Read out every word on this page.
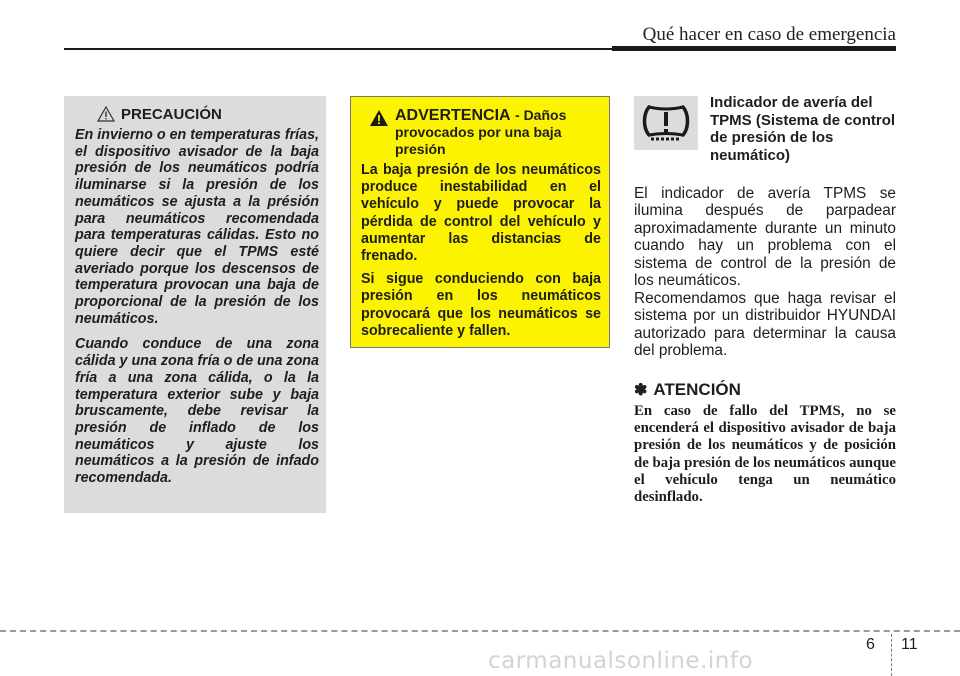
Qué hacer en caso de emergencia
PRECAUCIÓN

En invierno o en temperaturas frías, el dispositivo avisador de la baja presión de los neumáticos podría iluminarse si la presión de los neumáticos se ajusta a la présión para neumáticos recomendada para temperaturas cálidas. Esto no quiere decir que el TPMS esté averiado porque los descensos de temperatura provocan una baja de proporcional de la presión de los neumáticos.

Cuando conduce de una zona cálida y una zona fría o de una zona fría a una zona cálida, o la la temperatura exterior sube y baja bruscamente, debe revisar la presión de inflado de los neumáticos y ajuste los neumáticos a la presión de infado recomendada.

ADVERTENCIA - Daños provocados por una baja presión

La baja presión de los neumáticos produce inestabilidad en el vehículo y puede provocar la pérdida de control del vehículo y aumentar las distancias de frenado.

Si sigue conduciendo con baja presión en los neumáticos provocará que los neumáticos se sobrecaliente y fallen.

Indicador de avería del TPMS (Sistema de control de presión de los neumático)

El indicador de avería TPMS se ilumina después de parpadear aproximadamente durante un minuto cuando hay un problema con el sistema de control de la presión de los neumáticos.

Recomendamos que haga revisar el sistema por un distribuidor HYUNDAI autorizado para determinar la causa del problema.

✽ ATENCIÓN

En caso de fallo del TPMS, no se encenderá el dispositivo avisador de baja presión de los neumáticos y de posición de baja presión de los neumáticos aunque el vehículo tenga un neumático desinflado.

6 11
carmanualsonline.info
